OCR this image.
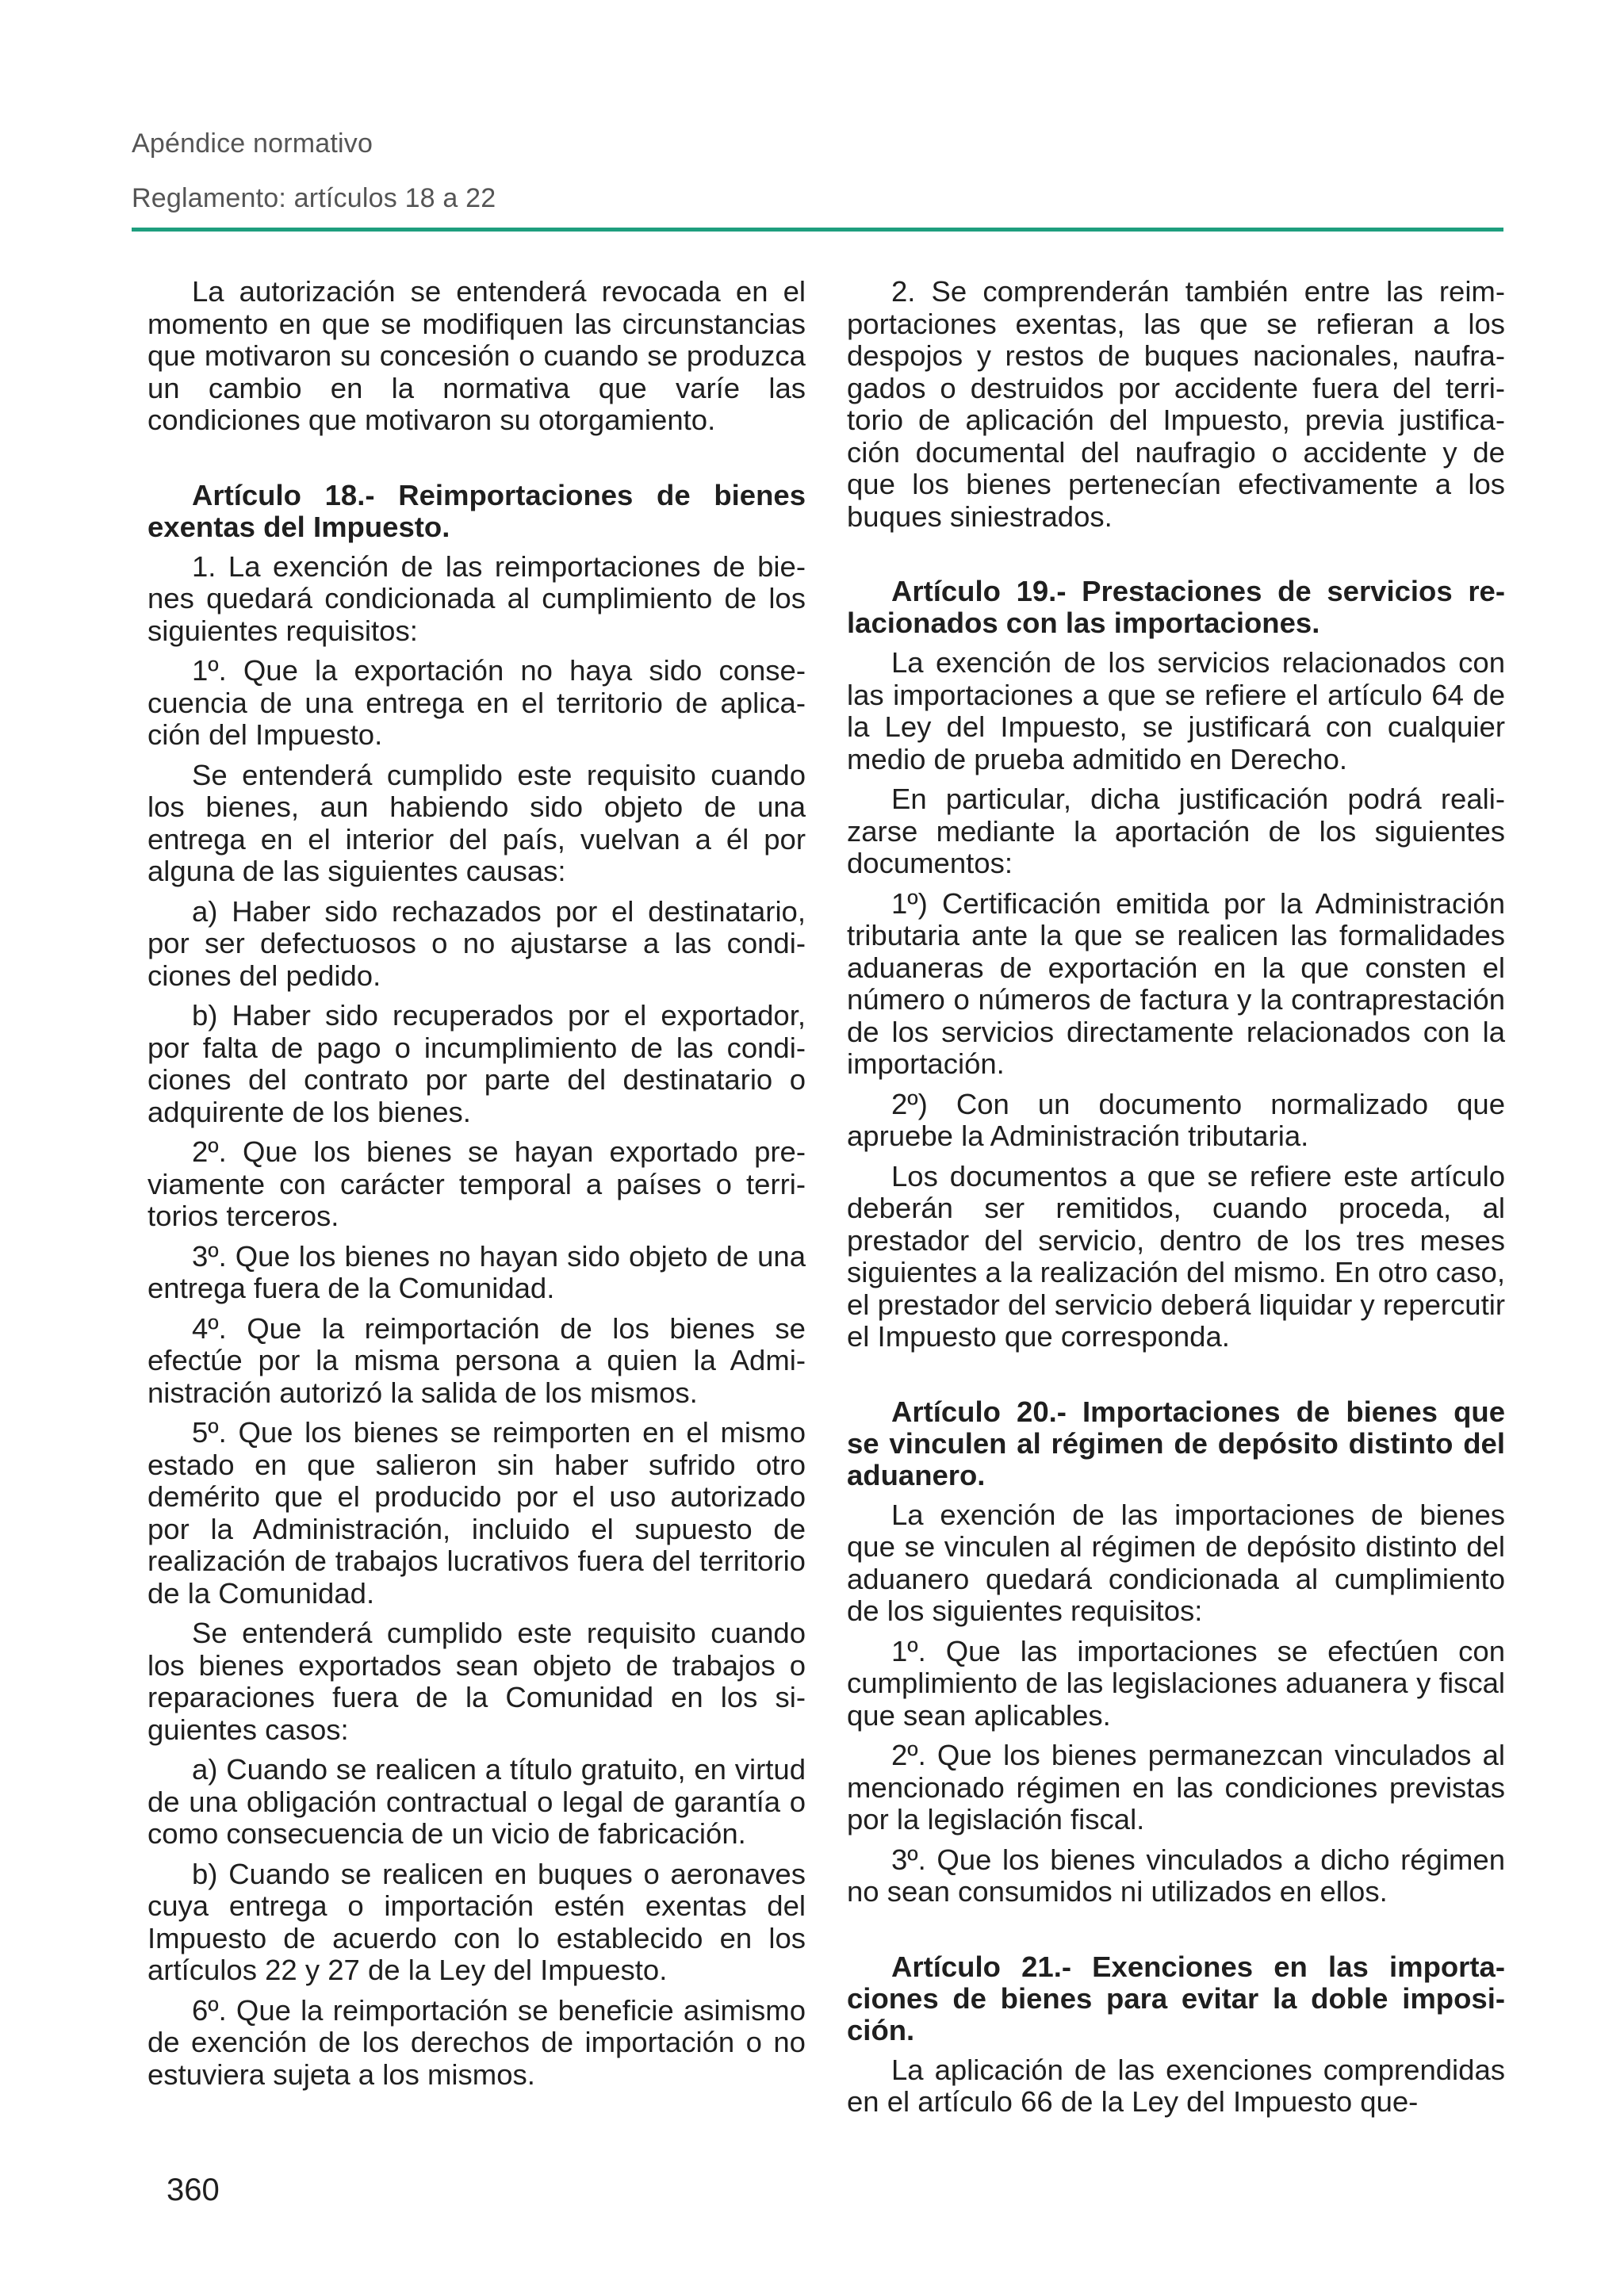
Apéndice normativo
Reglamento: artículos 18 a 22

La autorización se entenderá revocada en el momento en que se modifiquen las circunstancias que motivaron su concesión o cuando se produzca un cambio en la normativa que varíe las condiciones que motivaron su otorgamiento.

Artículo 18.- Reimportaciones de bienes exentas del Impuesto.

1. La exención de las reimportaciones de bienes quedará condicionada al cumplimiento de los siguientes requisitos:

1º. Que la exportación no haya sido consecuencia de una entrega en el territorio de aplicación del Impuesto.

Se entenderá cumplido este requisito cuando los bienes, aun habiendo sido objeto de una entrega en el interior del país, vuelvan a él por alguna de las siguientes causas:

a) Haber sido rechazados por el destinatario, por ser defectuosos o no ajustarse a las condiciones del pedido.

b) Haber sido recuperados por el exportador, por falta de pago o incumplimiento de las condiciones del contrato por parte del destinatario o adquirente de los bienes.

2º. Que los bienes se hayan exportado previamente con carácter temporal a países o territorios terceros.

3º. Que los bienes no hayan sido objeto de una entrega fuera de la Comunidad.

4º. Que la reimportación de los bienes se efectúe por la misma persona a quien la Administración autorizó la salida de los mismos.

5º. Que los bienes se reimporten en el mismo estado en que salieron sin haber sufrido otro demérito que el producido por el uso autorizado por la Administración, incluido el supuesto de realización de trabajos lucrativos fuera del territorio de la Comunidad.

Se entenderá cumplido este requisito cuando los bienes exportados sean objeto de trabajos o reparaciones fuera de la Comunidad en los siguientes casos:

a) Cuando se realicen a título gratuito, en virtud de una obligación contractual o legal de garantía o como consecuencia de un vicio de fabricación.

b) Cuando se realicen en buques o aeronaves cuya entrega o importación estén exentas del Impuesto de acuerdo con lo establecido en los artículos 22 y 27 de la Ley del Impuesto.

6º. Que la reimportación se beneficie asimismo de exención de los derechos de importación o no estuviera sujeta a los mismos.

2. Se comprenderán también entre las reimportaciones exentas, las que se refieran a los despojos y restos de buques nacionales, naufragados o destruidos por accidente fuera del territorio de aplicación del Impuesto, previa justificación documental del naufragio o accidente y de que los bienes pertenecían efectivamente a los buques siniestrados.

Artículo 19.- Prestaciones de servicios relacionados con las importaciones.

La exención de los servicios relacionados con las importaciones a que se refiere el artículo 64 de la Ley del Impuesto, se justificará con cualquier medio de prueba admitido en Derecho.

En particular, dicha justificación podrá realizarse mediante la aportación de los siguientes documentos:

1º) Certificación emitida por la Administración tributaria ante la que se realicen las formalidades aduaneras de exportación en la que consten el número o números de factura y la contraprestación de los servicios directamente relacionados con la importación.

2º) Con un documento normalizado que apruebe la Administración tributaria.

Los documentos a que se refiere este artículo deberán ser remitidos, cuando proceda, al prestador del servicio, dentro de los tres meses siguientes a la realización del mismo. En otro caso, el prestador del servicio deberá liquidar y repercutir el Impuesto que corresponda.

Artículo 20.- Importaciones de bienes que se vinculen al régimen de depósito distinto del aduanero.

La exención de las importaciones de bienes que se vinculen al régimen de depósito distinto del aduanero quedará condicionada al cumplimiento de los siguientes requisitos:

1º. Que las importaciones se efectúen con cumplimiento de las legislaciones aduanera y fiscal que sean aplicables.

2º. Que los bienes permanezcan vinculados al mencionado régimen en las condiciones previstas por la legislación fiscal.

3º. Que los bienes vinculados a dicho régimen no sean consumidos ni utilizados en ellos.

Artículo 21.- Exenciones en las importaciones de bienes para evitar la doble imposición.

La aplicación de las exenciones comprendidas en el artículo 66 de la Ley del Impuesto que-

360
